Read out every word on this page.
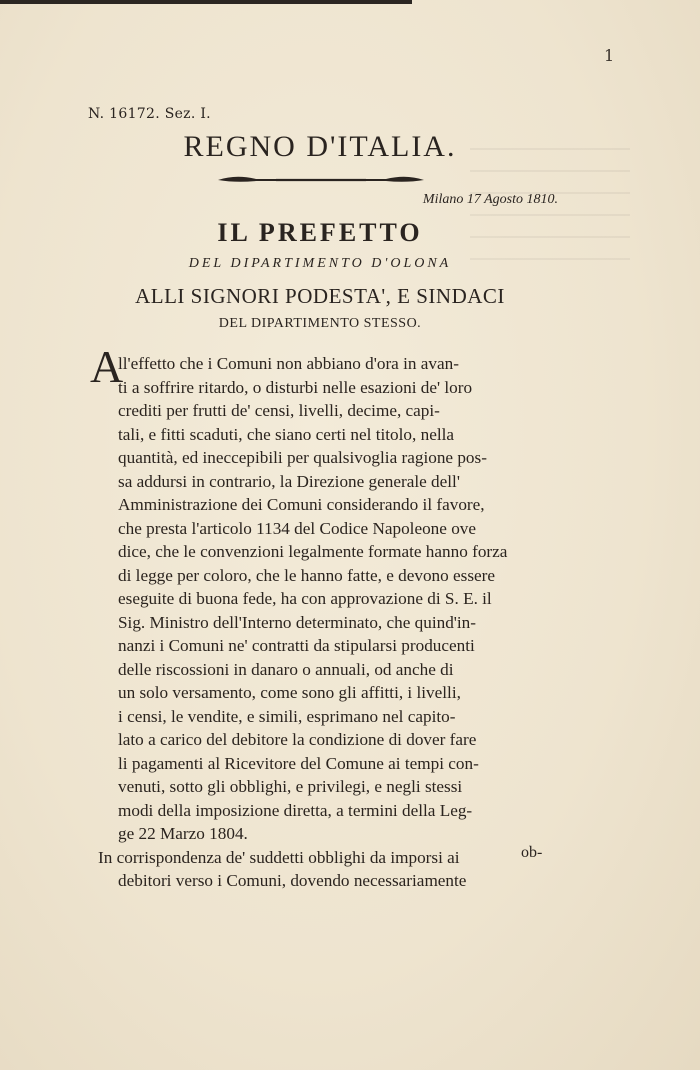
1
N. 16172. Sez. I.
REGNO D'ITALIA.
Milano 17 Agosto 1810.
IL PREFETTO
DEL DIPARTIMENTO D'OLONA
ALLI SIGNORI PODESTA', E SINDACI
DEL DIPARTIMENTO STESSO.
A
ll'effetto che i Comuni non abbiano d'ora in avan-
ti a soffrire ritardo, o disturbi nelle esazioni de' loro
crediti per frutti de' censi, livelli, decime, capi-
tali, e fitti scaduti, che siano certi nel titolo, nella
quantità, ed ineccepibili per qualsivoglia ragione pos-
sa addursi in contrario, la Direzione generale dell'
Amministrazione dei Comuni considerando il favore,
che presta l'articolo 1134 del Codice Napoleone ove
dice, che le convenzioni legalmente formate hanno forza
di legge per coloro, che le hanno fatte, e devono essere
eseguite di buona fede, ha con approvazione di S. E. il
Sig. Ministro dell'Interno determinato, che quind'in-
nanzi i Comuni ne' contratti da stipularsi producenti
delle riscossioni in danaro o annuali, od anche di
un solo versamento, come sono gli affitti, i livelli,
i censi, le vendite, e simili, esprimano nel capito-
lato a carico del debitore la condizione di dover fare
li pagamenti al Ricevitore del Comune ai tempi con-
venuti, sotto gli obblighi, e privilegi, e negli stessi
modi della imposizione diretta, a termini della Leg-
ge 22 Marzo 1804.
In corrispondenza de' suddetti obblighi da imporsi ai
debitori verso i Comuni, dovendo necessariamente
ob-
